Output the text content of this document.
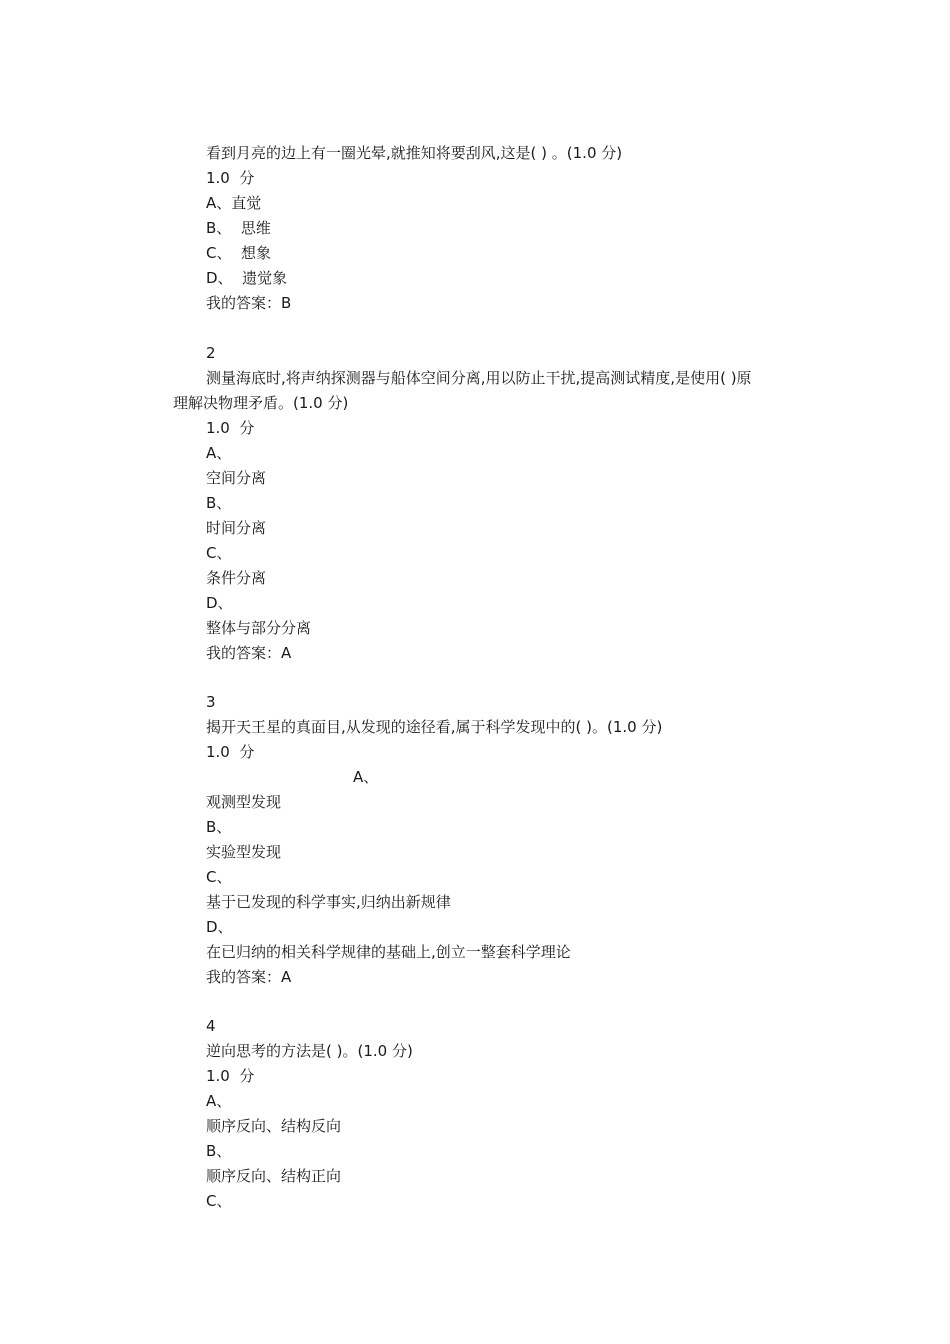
看到月亮的边上有一圈光晕,就推知将要刮风,这是( ) 。(1.0 分)
1.0  分
A、直觉
B、  思维
C、  想象
D、  遗觉象
我的答案：B
2
测量海底时,将声纳探测器与船体空间分离,用以防止干扰,提高测试精度,是使用( )原
理解决物理矛盾。(1.0 分)
1.0  分
A、
空间分离
B、
时间分离
C、
条件分离
D、
整体与部分分离
我的答案：A
3
揭开天王星的真面目,从发现的途径看,属于科学发现中的( )。(1.0 分)
1.0  分
A、
观测型发现
B、
实验型发现
C、
基于已发现的科学事实,归纳出新规律
D、
在已归纳的相关科学规律的基础上,创立一整套科学理论
我的答案：A
4
逆向思考的方法是( )。(1.0 分)
1.0  分
A、
顺序反向、结构反向
B、
顺序反向、结构正向
C、
